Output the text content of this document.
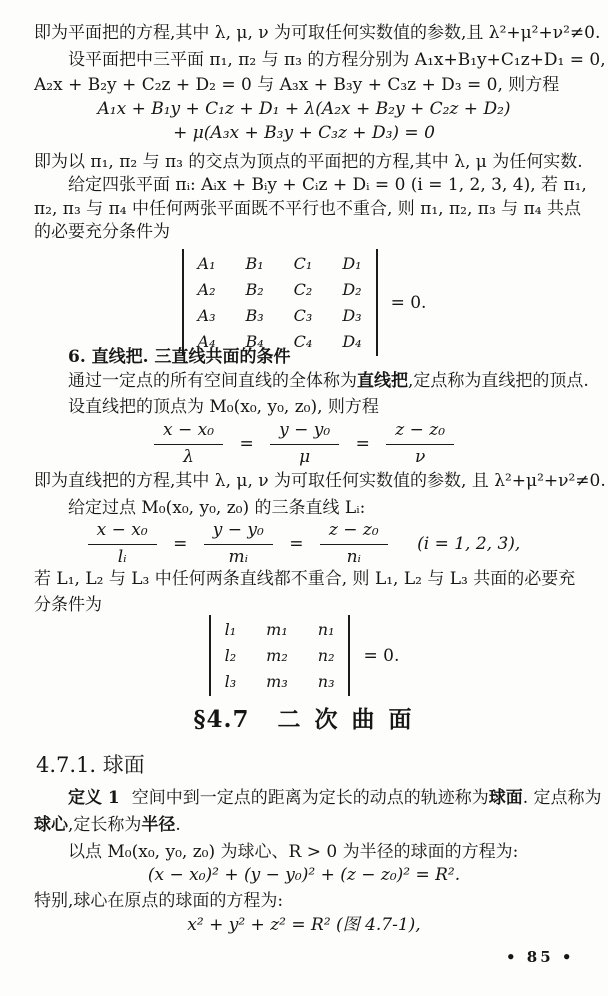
即为平面把的方程,其中 λ, μ, ν 为可取任何实数值的参数,且 λ²+μ²+ν²≠0.
设平面把中三平面 π₁, π₂ 与 π₃ 的方程分别为 A₁x+B₁y+C₁z+D₁ = 0,
A₂x + B₂y + C₂z + D₂ = 0 与 A₃x + B₃y + C₃z + D₃ = 0, 则方程
A₁x + B₁y + C₁z + D₁ + λ(A₂x + B₂y + C₂z + D₂)
+ μ(A₃x + B₃y + C₃z + D₃) = 0
即为以 π₁, π₂ 与 π₃ 的交点为顶点的平面把的方程,其中 λ, μ 为任何实数.
给定四张平面 πᵢ: Aᵢx + Bᵢy + Cᵢz + Dᵢ = 0 (i = 1, 2, 3, 4), 若 π₁,
π₂, π₃ 与 π₄ 中任何两张平面既不平行也不重合, 则 π₁, π₂, π₃ 与 π₄ 共点
的必要充分条件为
A₁ B₁ C₁ D₁
A₂ B₂ C₂ D₂
A₃ B₃ C₃ D₃
A₄ B₄ C₄ D₄
= 0.
6. 直线把. 三直线共面的条件
通过一定点的所有空间直线的全体称为直线把,定点称为直线把的顶点.
设直线把的顶点为 M₀(x₀, y₀, z₀), 则方程
$\frac{\text{x − x₀}}{\lambda} = \frac{\text{y − y₀}}{\mu} = \frac{\text{z − z₀}}{\nu}$
即为直线把的方程,其中 λ, μ, ν 为可取任何实数值的参数, 且 λ²+μ²+ν²≠0.
给定过点 M₀(x₀, y₀, z₀) 的三条直线 Lᵢ:
$\frac{\text{x − x₀}}{\text{lᵢ}} = \frac{\text{y − y₀}}{\text{mᵢ}} = \frac{\text{z − z₀}}{\text{nᵢ}} (i = 1$, 2, 3),
若 L₁, L₂ 与 L₃ 中任何两条直线都不重合, 则 L₁, L₂ 与 L₃ 共面的必要充
分条件为
l₁ m₁ n₁
l₂ m₂ n₂
l₃ m₃ n₃
= 0.
§4.7 二 次 曲 面
4.7.1. 球面
定义 1 空间中到一定点的距离为定长的动点的轨迹称为球面. 定点称为
球心,定长称为半径.
以点 M₀(x₀, y₀, z₀) 为球心、R > 0 为半径的球面的方程为:
(x − x₀)² + (y − y₀)² + (z − z₀)² = R².
特别,球心在原点的球面的方程为:
x² + y² + z² = R² (图 4.7-1),
• 85 •
